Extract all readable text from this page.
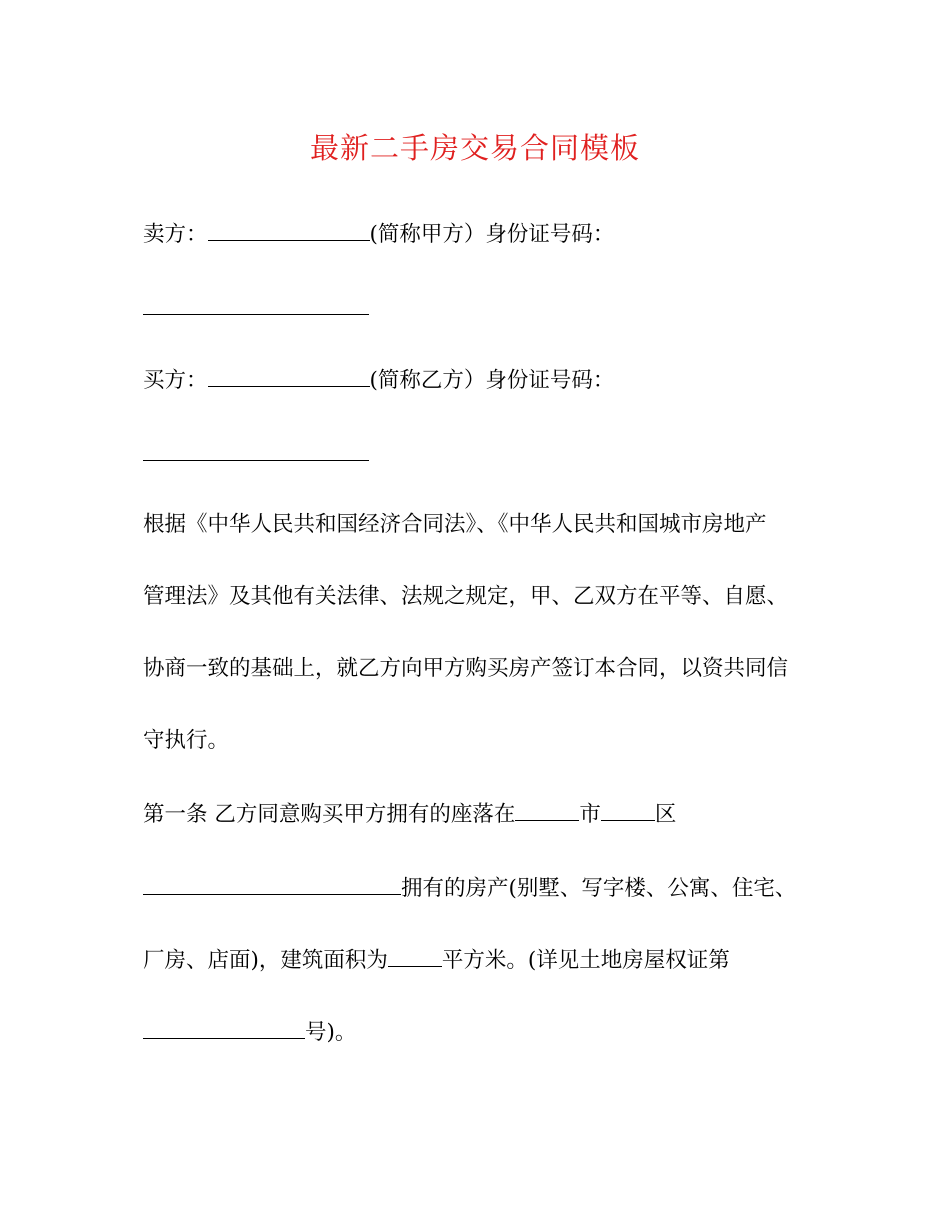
最新二手房交易合同模板
卖方：	(简称甲方）身份证号码：
买方：	(简称乙方）身份证号码：
根据《中华人民共和国经济合同法》、《中华人民共和国城市房地产
管理法》及其他有关法律、法规之规定，甲、乙双方在平等、自愿、
协商一致的基础上，就乙方向甲方购买房产签订本合同，以资共同信
守执行。
第一条 乙方同意购买甲方拥有的座落在	市	区
拥有的房产(别墅、写字楼、公寓、住宅、
厂房、店面)，建筑面积为	平方米。(详见土地房屋权证第
号)。
